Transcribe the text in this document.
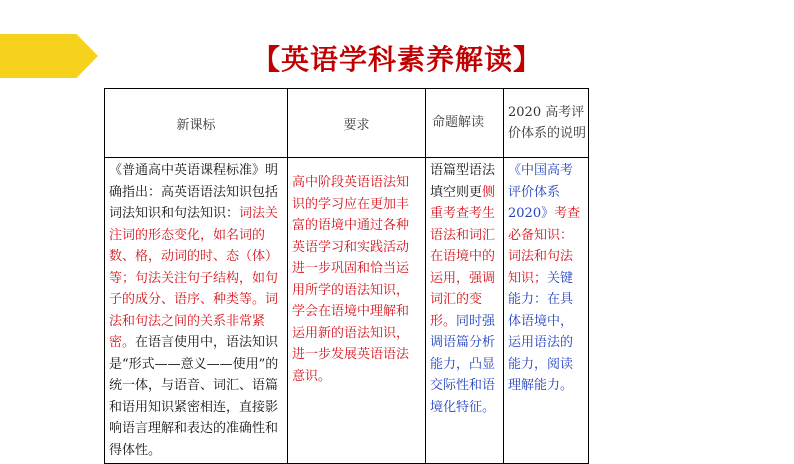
【英语学科素养解读】
新课标	要求	命题解读	2020 高考评价体系的说明

《普通高中英语课程标准》明确指出：高英语语法知识包括词法知识和句法知识：词法关注词的形态变化，如名词的数、格，动词的时、态（体）等；句法关注句子结构，如句子的成分、语序、种类等。词法和句法之间的关系非常紧密。在语言使用中，语法知识是“形式——意义——使用”的统一体，与语音、词汇、语篇和语用知识紧密相连，直接影响语言理解和表达的准确性和得体性。	高中阶段英语语法知识的学习应在更加丰富的语境中通过各种英语学习和实践活动进一步巩固和恰当运用所学的语法知识，学会在语境中理解和运用新的语法知识，进一步发展英语语法意识。	语篇型语法填空则更侧重考查考生语法和词汇在语境中的运用，强调词汇的变形。同时强调语篇分析能力，凸显交际性和语境化特征。	《中国高考评价体系2020》考查必备知识：词法和句法知识；关键能力：在具体语境中，运用语法的能力，阅读理解能力。
